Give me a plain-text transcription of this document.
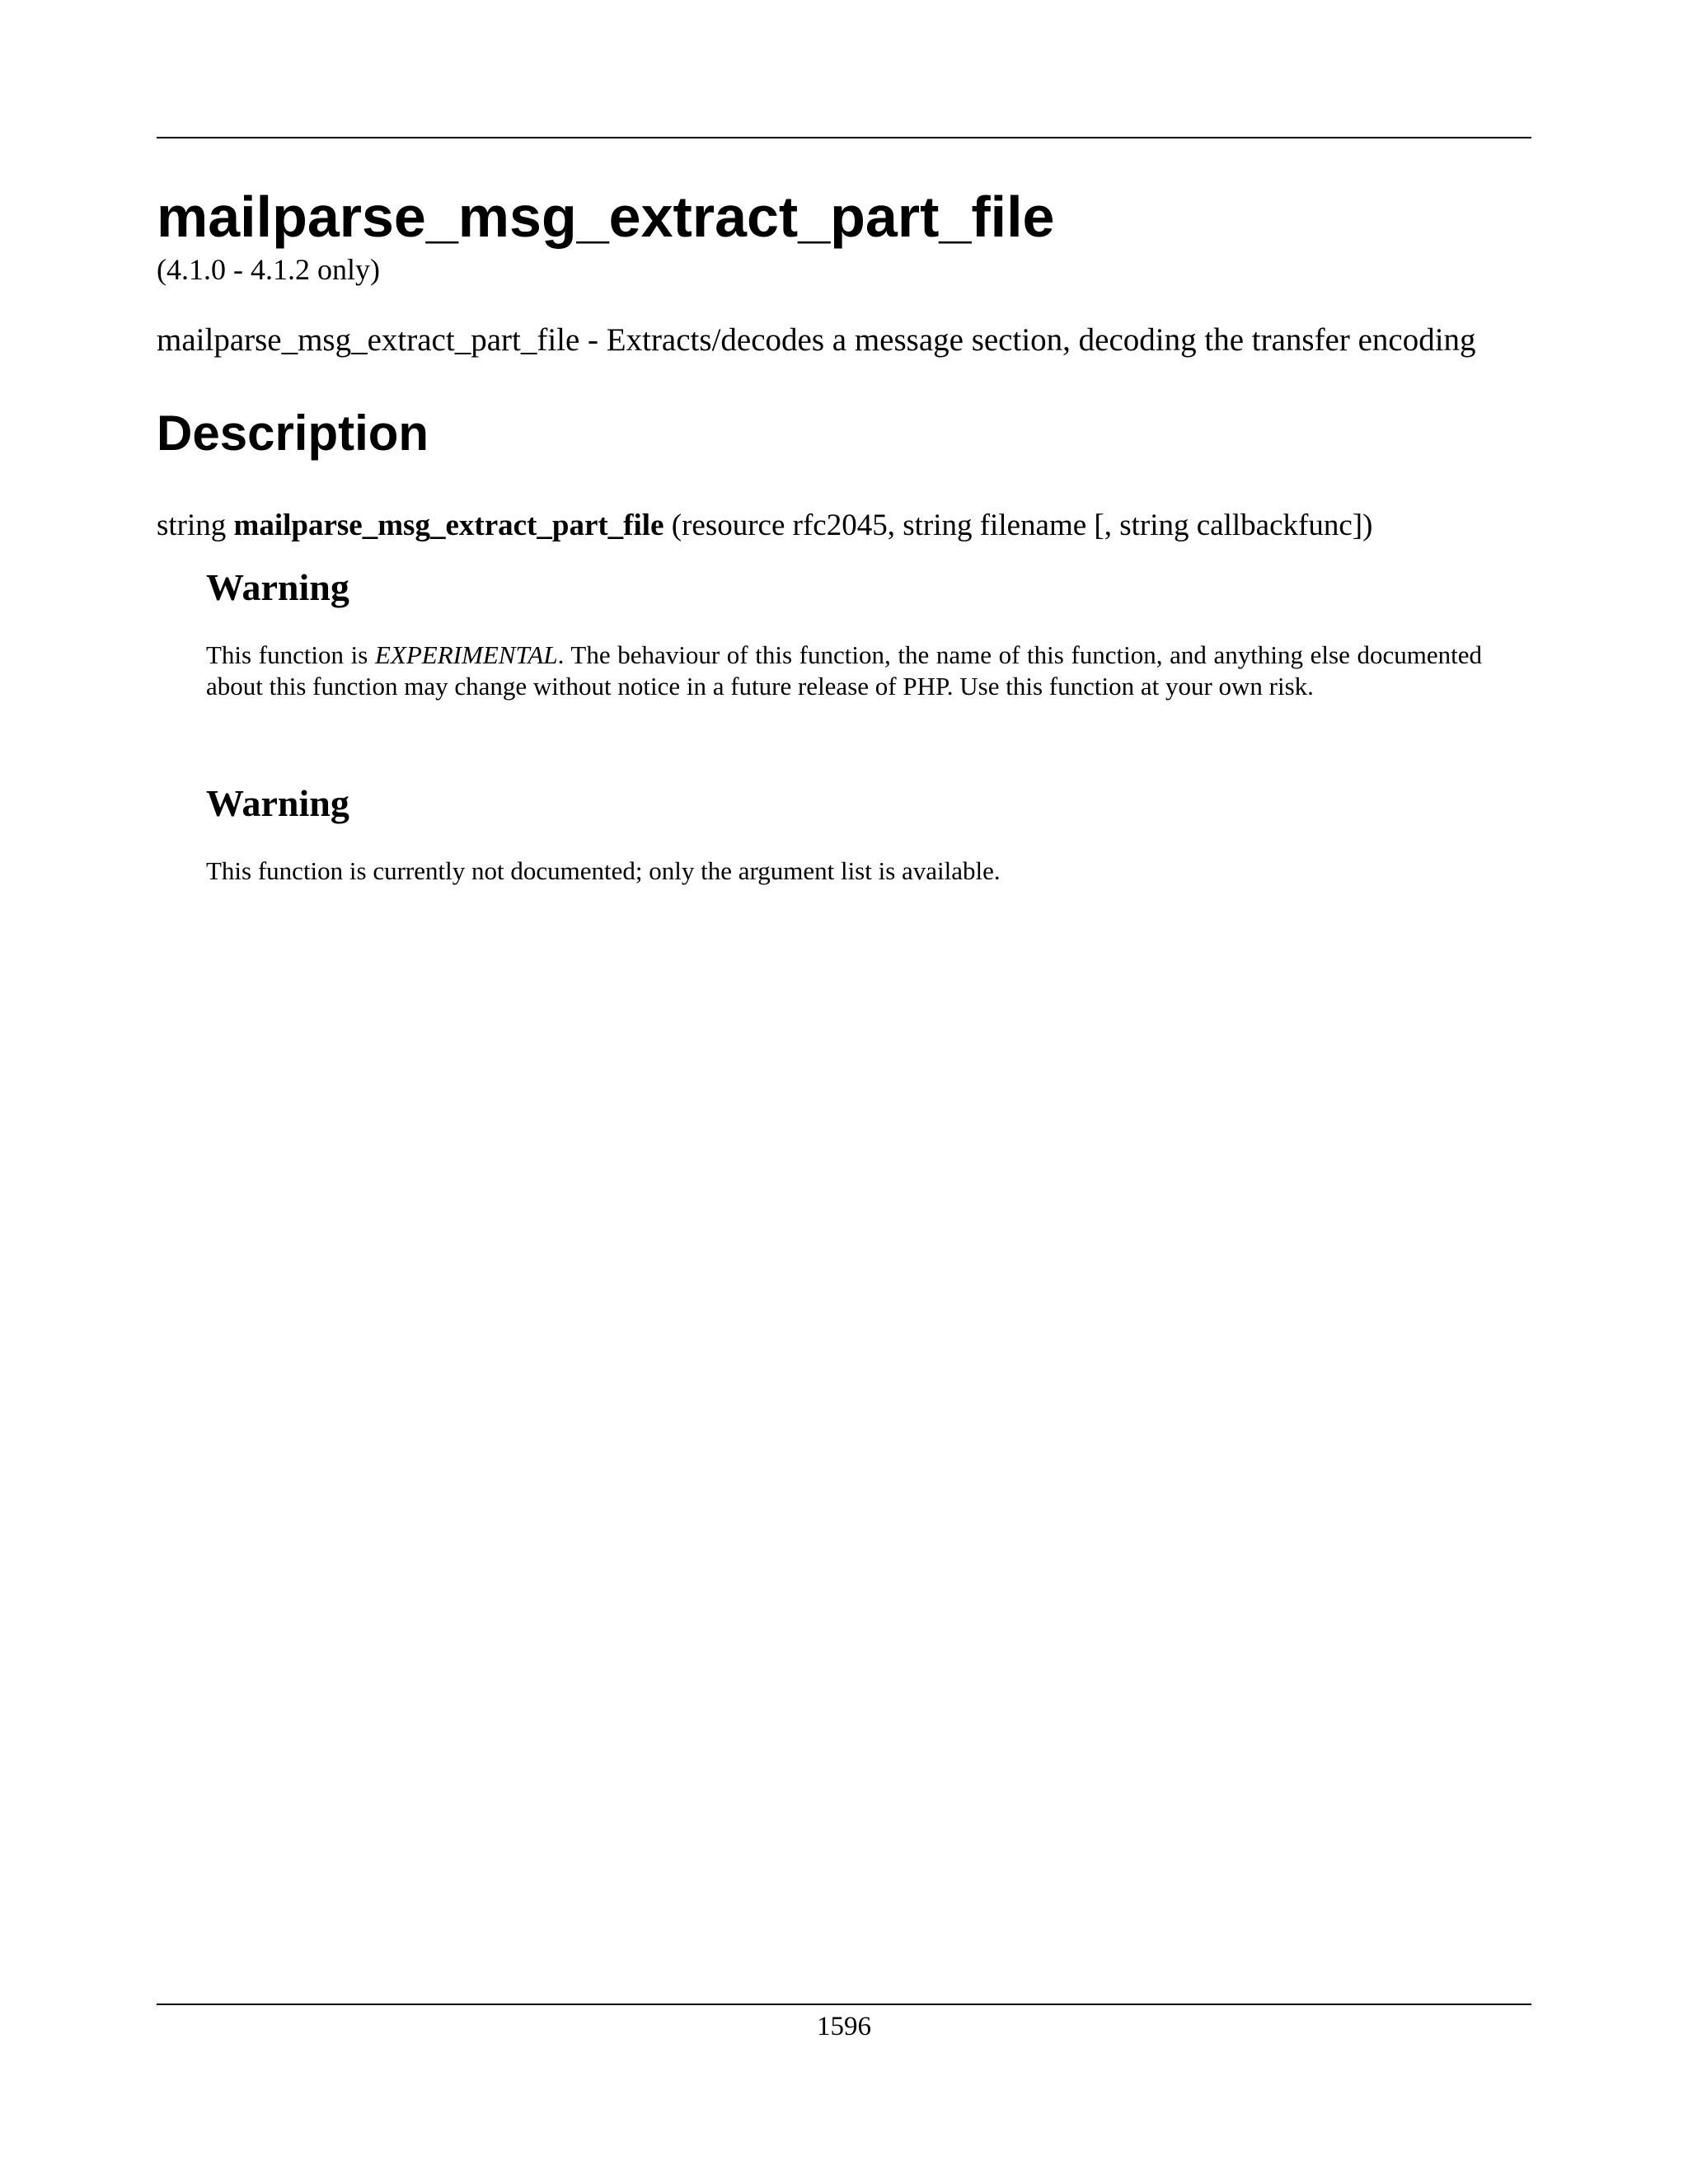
mailparse_msg_extract_part_file
(4.1.0 - 4.1.2 only)
mailparse_msg_extract_part_file - Extracts/decodes a message section, decoding the transfer encoding
Description
string mailparse_msg_extract_part_file (resource rfc2045, string filename [, string callbackfunc])
Warning

This function is EXPERIMENTAL. The behaviour of this function, the name of this function, and anything else documented about this function may change without notice in a future release of PHP. Use this function at your own risk.

Warning

This function is currently not documented; only the argument list is available.

1596
